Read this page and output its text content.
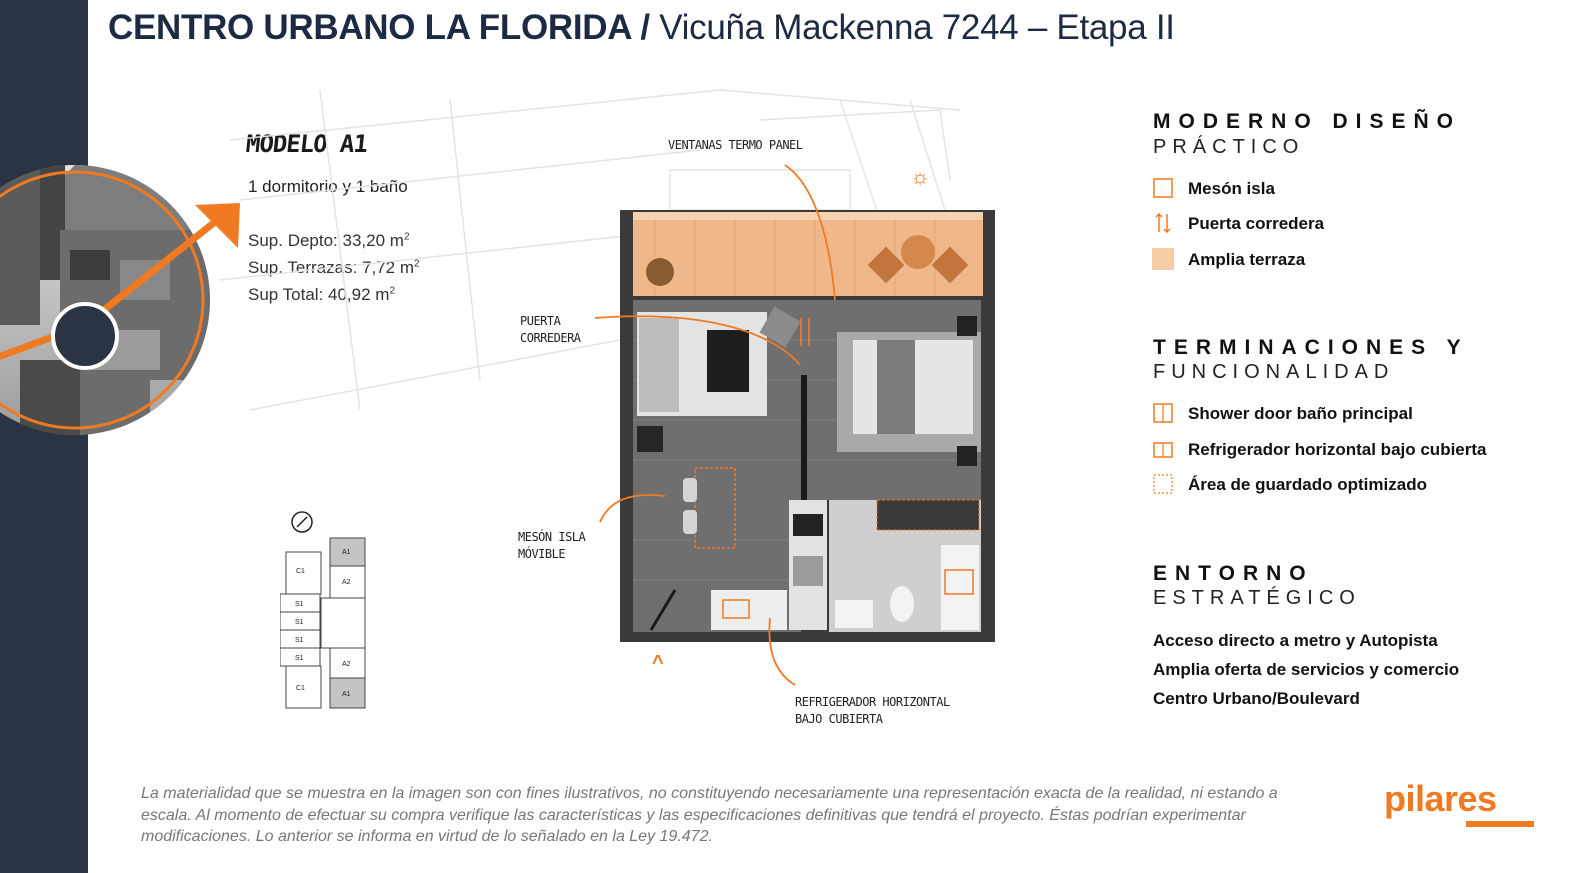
CENTRO URBANO LA FLORIDA / Vicuña Mackenna 7244 – Etapa II
MODELO A1
1 dormitorio y 1 baño
Sup. Depto: 33,20 $m^2$
Sup. Terrazas: 7,72 $m^2$
Sup Total: 40,92 $m^2$
VENTANAS TERMO PANEL
PUERTA
CORREDERA
MESÓN ISLA
MÓVIBLE
REFRIGERADOR HORIZONTAL
BAJO CUBIERTA
☼
^
A1
C1
A2
S1
S1
S1
S1
A2
C1
A1
MODERNO DISEÑO
PRÁCTICO
Mesón isla
Puerta corredera
Amplia terraza
TERMINACIONES Y
FUNCIONALIDAD
Shower door baño principal
Refrigerador horizontal bajo cubierta
Área de guardado optimizado
ENTORNO
ESTRATÉGICO
Acceso directo a metro y Autopista
Amplia oferta de servicios y comercio
Centro Urbano/Boulevard
La materialidad que se muestra en la imagen son con fines ilustrativos, no constituyendo necesariamente una representación exacta de la realidad, ni estando a escala. Al momento de efectuar su compra verifique las características y las especificaciones definitivas que tendrá el proyecto. Éstas podrían experimentar modificaciones. Lo anterior se informa en virtud de lo señalado en la Ley 19.472.
pilares
